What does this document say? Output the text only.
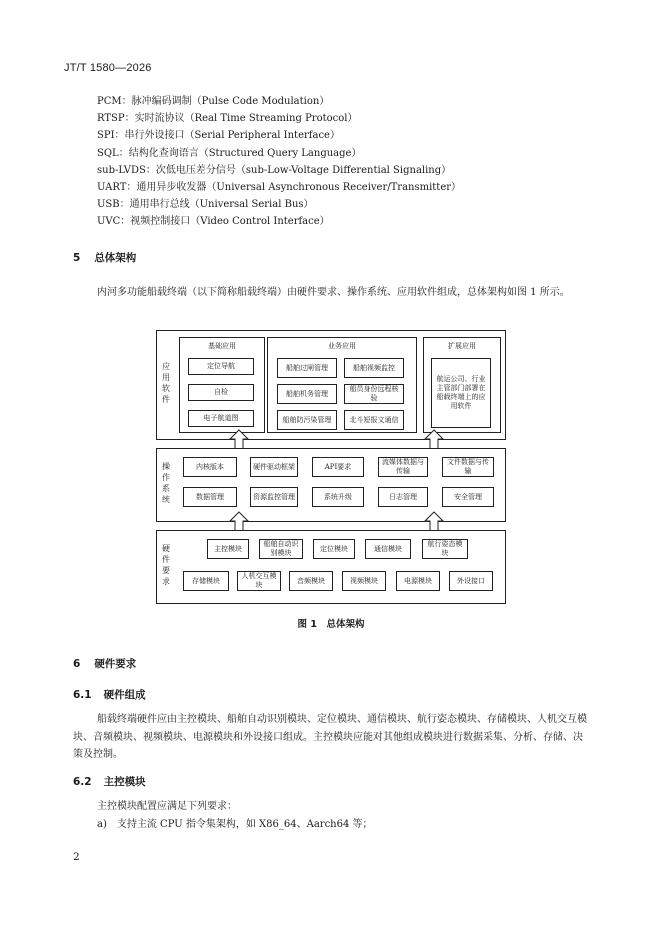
JT/T 1580—2026
PCM：脉冲编码调制（Pulse Code Modulation）
RTSP：实时流协议（Real Time Streaming Protocol）
SPI：串行外设接口（Serial Peripheral Interface）
SQL：结构化查询语言（Structured Query Language）
sub-LVDS：次低电压差分信号（sub-Low-Voltage Differential Signaling）
UART：通用异步收发器（Universal Asynchronous Receiver/Transmitter）
USB：通用串行总线（Universal Serial Bus）
UVC：视频控制接口（Video Control Interface）
5 总体架构
内河多功能船载终端（以下简称船载终端）由硬件要求、操作系统、应用软件组成，总体架构如图 1 所示。
应用软件
基础应用
定位导航
自检
电子航道图
业务应用
船舶过闸管理	船舶视频监控
船舶机务管理
船员身份远程核验
船舶防污染管理	北斗短报文通信
扩展应用
航运公司、行业主管部门部署在船载终端上的应用软件
操作系统
内核版本	硬件驱动框架	API要求
流媒体数据与传输
文件数据与传输
数据管理	资源监控管理	系统升级	日志管理	安全管理
硬件要求
主控模块
船舶自动识别模块
定位模块	通信模块
航行姿态模块
存储模块
人机交互模块
音频模块	视频模块	电源模块	外设接口
图 1　总体架构
6 硬件要求
6.1 硬件组成
船载终端硬件应由主控模块、船舶自动识别模块、定位模块、通信模块、航行姿态模块、存储模块、人机交互模块、音频模块、视频模块、电源模块和外设接口组成。主控模块应能对其他组成模块进行数据采集、分析、存储、决策及控制。
6.2 主控模块
主控模块配置应满足下列要求：
a)　支持主流 CPU 指令集架构，如 X86_64、Aarch64 等；
2
